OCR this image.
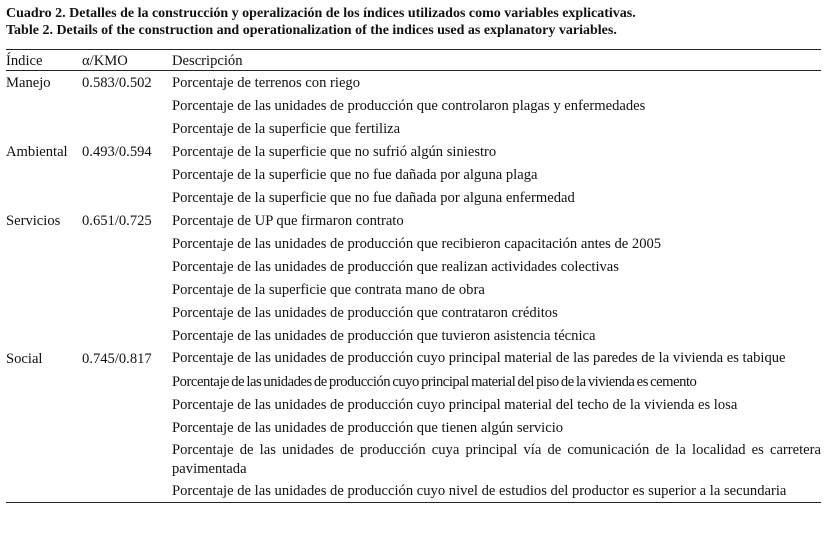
Cuadro 2. Detalles de la construcción y operalización de los índices utilizados como variables explicativas.
Table 2. Details of the construction and operationalization of the indices used as explanatory variables.
Índice	α/KMO	Descripción
Manejo	0.583/0.502	Porcentaje de terrenos con riego
		Porcentaje de las unidades de producción que controlaron plagas y enfermedades
		Porcentaje de la superficie que fertiliza
Ambiental	0.493/0.594	Porcentaje de la superficie que no sufrió algún siniestro
		Porcentaje de la superficie que no fue dañada por alguna plaga
		Porcentaje de la superficie que no fue dañada por alguna enfermedad
Servicios	0.651/0.725	Porcentaje de UP que firmaron contrato
		Porcentaje de las unidades de producción que recibieron capacitación antes de 2005
		Porcentaje de las unidades de producción que realizan actividades colectivas
		Porcentaje de la superficie que contrata mano de obra
		Porcentaje de las unidades de producción que contrataron créditos
		Porcentaje de las unidades de producción que tuvieron asistencia técnica
Social	0.745/0.817	Porcentaje de las unidades de producción cuyo principal material de las paredes de la vivienda es tabique
		Porcentaje de las unidades de producción cuyo principal material del piso de la vivienda es cemento
		Porcentaje de las unidades de producción cuyo principal material del techo de la vivienda es losa
		Porcentaje de las unidades de producción que tienen algún servicio
		Porcentaje de las unidades de producción cuya principal vía de comunicación de la localidad es carretera pavimentada
		Porcentaje de las unidades de producción cuyo nivel de estudios del productor es superior a la secundaria
